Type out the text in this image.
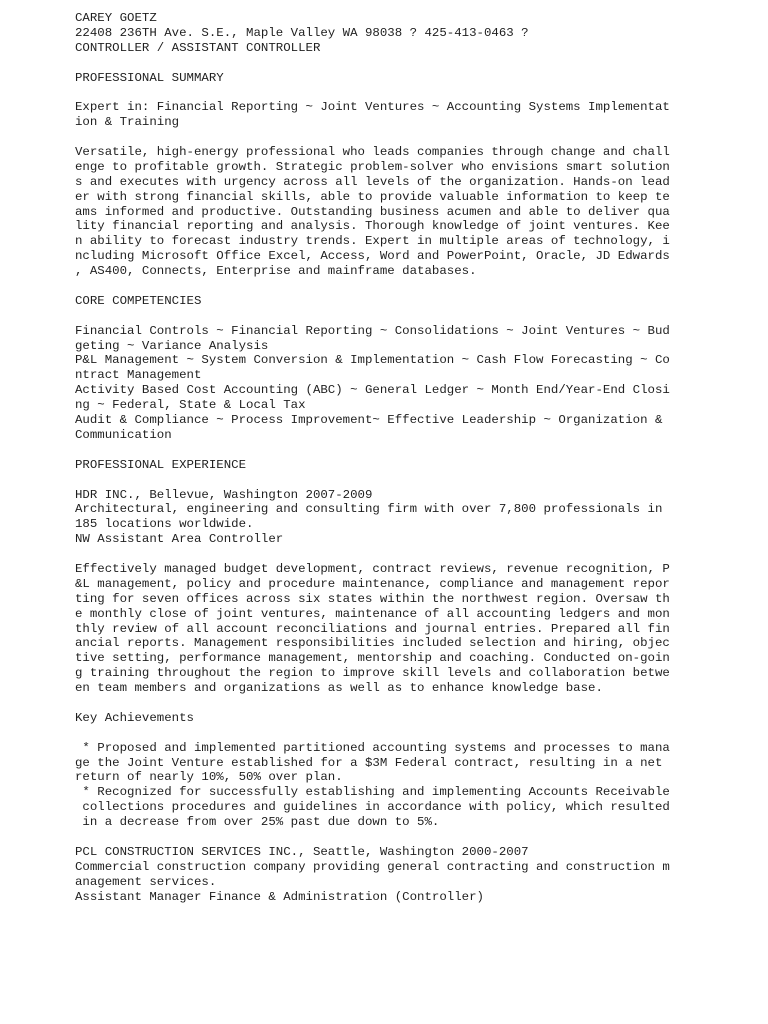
CAREY GOETZ
22408 236TH Ave. S.E., Maple Valley WA 98038 ? 425-413-0463 ?
CONTROLLER / ASSISTANT CONTROLLER

PROFESSIONAL SUMMARY

Expert in: Financial Reporting ~ Joint Ventures ~ Accounting Systems Implementat
ion & Training

Versatile, high-energy professional who leads companies through change and chall
enge to profitable growth. Strategic problem-solver who envisions smart solution
s and executes with urgency across all levels of the organization. Hands-on lead
er with strong financial skills, able to provide valuable information to keep te
ams informed and productive. Outstanding business acumen and able to deliver qua
lity financial reporting and analysis. Thorough knowledge of joint ventures. Kee
n ability to forecast industry trends. Expert in multiple areas of technology, i
ncluding Microsoft Office Excel, Access, Word and PowerPoint, Oracle, JD Edwards
, AS400, Connects, Enterprise and mainframe databases.

CORE COMPETENCIES

Financial Controls ~ Financial Reporting ~ Consolidations ~ Joint Ventures ~ Bud
geting ~ Variance Analysis
P&L Management ~ System Conversion & Implementation ~ Cash Flow Forecasting ~ Co
ntract Management
Activity Based Cost Accounting (ABC) ~ General Ledger ~ Month End/Year-End Closi
ng ~ Federal, State & Local Tax
Audit & Compliance ~ Process Improvement~ Effective Leadership ~ Organization &
Communication

PROFESSIONAL EXPERIENCE

HDR INC., Bellevue, Washington 2007-2009
Architectural, engineering and consulting firm with over 7,800 professionals in
185 locations worldwide.
NW Assistant Area Controller

Effectively managed budget development, contract reviews, revenue recognition, P
&L management, policy and procedure maintenance, compliance and management repor
ting for seven offices across six states within the northwest region. Oversaw th
e monthly close of joint ventures, maintenance of all accounting ledgers and mon
thly review of all account reconciliations and journal entries. Prepared all fin
ancial reports. Management responsibilities included selection and hiring, objec
tive setting, performance management, mentorship and coaching. Conducted on-goin
g training throughout the region to improve skill levels and collaboration betwe
en team members and organizations as well as to enhance knowledge base.

Key Achievements

* Proposed and implemented partitioned accounting systems and processes to mana
ge the Joint Venture established for a $3M Federal contract, resulting in a net
return of nearly 10%, 50% over plan.
* Recognized for successfully establishing and implementing Accounts Receivable
collections procedures and guidelines in accordance with policy, which resulted
in a decrease from over 25% past due down to 5%.

PCL CONSTRUCTION SERVICES INC., Seattle, Washington 2000-2007
Commercial construction company providing general contracting and construction m
anagement services.
Assistant Manager Finance & Administration (Controller)
